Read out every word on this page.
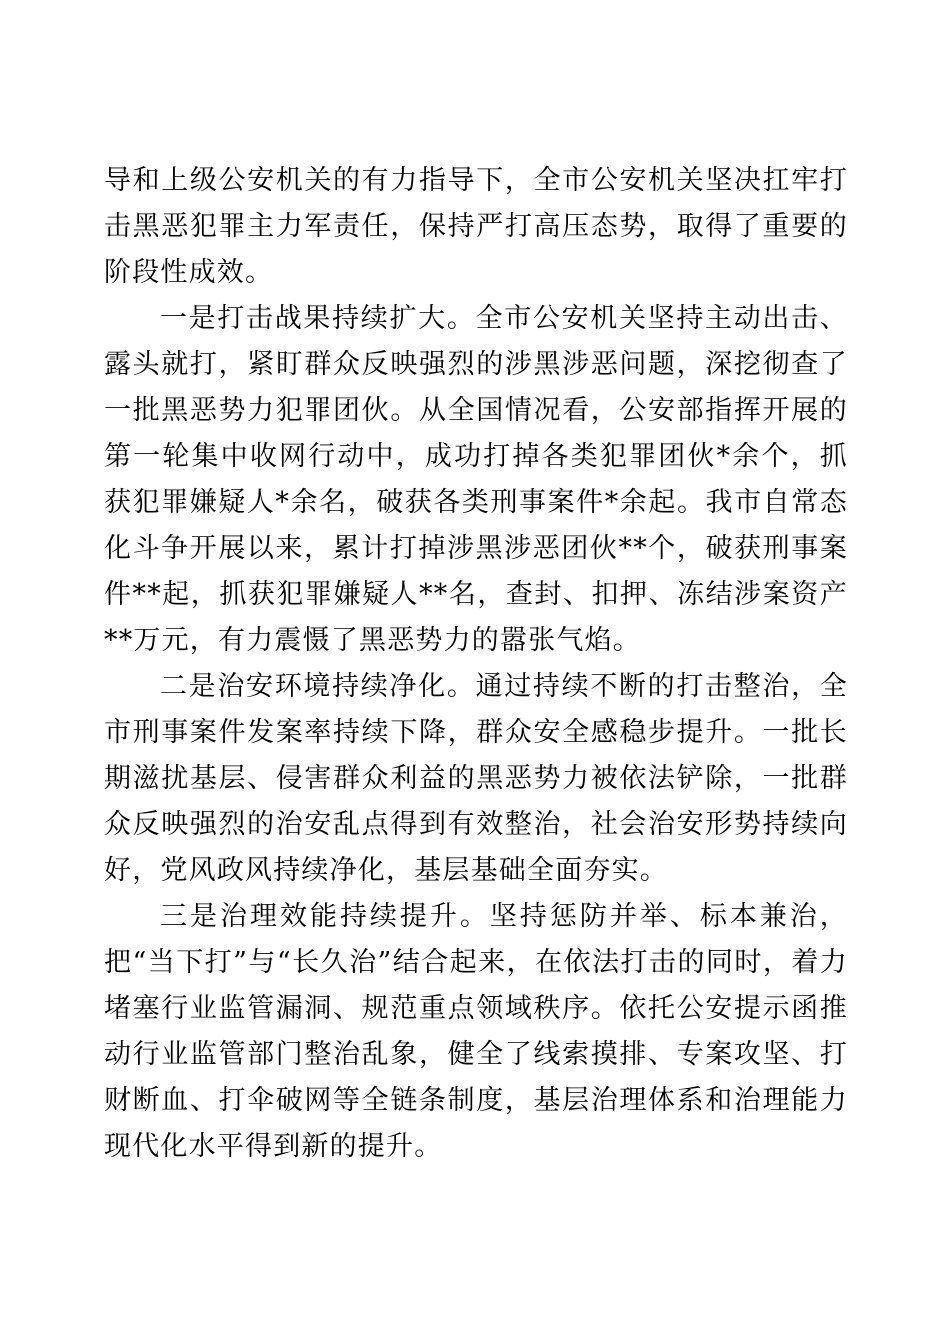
导和上级公安机关的有力指导下，全市公安机关坚决扛牢打击黑恶犯罪主力军责任，保持严打高压态势，取得了重要的阶段性成效。

一是打击战果持续扩大。全市公安机关坚持主动出击、露头就打，紧盯群众反映强烈的涉黑涉恶问题，深挖彻查了一批黑恶势力犯罪团伙。从全国情况看，公安部指挥开展的第一轮集中收网行动中，成功打掉各类犯罪团伙*余个，抓获犯罪嫌疑人*余名，破获各类刑事案件*余起。我市自常态化斗争开展以来，累计打掉涉黑涉恶团伙**个，破获刑事案件**起，抓获犯罪嫌疑人**名，查封、扣押、冻结涉案资产**万元，有力震慑了黑恶势力的嚣张气焰。

二是治安环境持续净化。通过持续不断的打击整治，全市刑事案件发案率持续下降，群众安全感稳步提升。一批长期滋扰基层、侵害群众利益的黑恶势力被依法铲除，一批群众反映强烈的治安乱点得到有效整治，社会治安形势持续向好，党风政风持续净化，基层基础全面夯实。

三是治理效能持续提升。坚持惩防并举、标本兼治，把“当下打”与“长久治”结合起来，在依法打击的同时，着力堵塞行业监管漏洞、规范重点领域秩序。依托公安提示函推动行业监管部门整治乱象，健全了线索摸排、专案攻坚、打财断血、打伞破网等全链条制度，基层治理体系和治理能力现代化水平得到新的提升。
